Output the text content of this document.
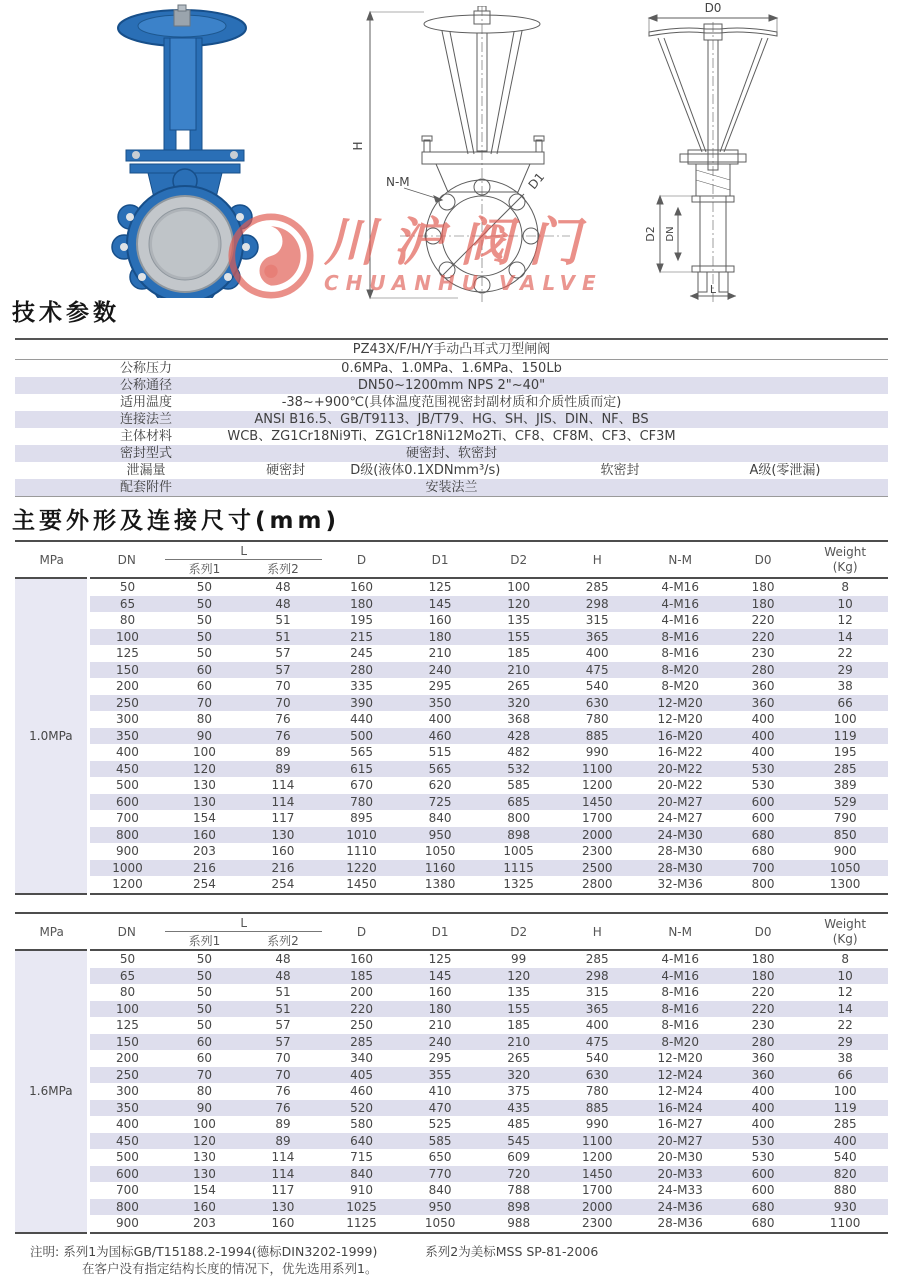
H
N-M	D1
D0
D2 DN
L
川沪阀门
CHUANHU VALVE
技术参数
PZ43X/F/H/Y手动凸耳式刀型闸阀
公称压力	0.6MPa、1.0MPa、1.6MPa、150Lb
公称通径	DN50~1200mm NPS 2"~40"
适用温度	-38~+900℃(具体温度范围视密封副材质和介质性质而定)
连接法兰	ANSI B16.5、GB/T9113、JB/T79、HG、SH、JIS、DIN、NF、BS
主体材料	WCB、ZG1Cr18Ni9Ti、ZG1Cr18Ni12Mo2Ti、CF8、CF8M、CF3、CF3M
密封型式	硬密封、软密封
泄漏量	硬密封	D级(液体0.1XDNmm³/s)	软密封	A级(零泄漏)
配套附件	安装法兰
主要外形及连接尺寸(mm)
MPa	DN	L		D	D1	D2	H	N-M	D0	Weight
(Kg)

		系列1	系列2							
1.0MPa	50	50	48	160	125	100	285	4-M16	180	8
	65	50	48	180	145	120	298	4-M16	180	10
	80	50	51	195	160	135	315	4-M16	220	12
	100	50	51	215	180	155	365	8-M16	220	14
	125	50	57	245	210	185	400	8-M16	230	22
	150	60	57	280	240	210	475	8-M20	280	29
	200	60	70	335	295	265	540	8-M20	360	38
	250	70	70	390	350	320	630	12-M20	360	66
	300	80	76	440	400	368	780	12-M20	400	100
	350	90	76	500	460	428	885	16-M20	400	119
	400	100	89	565	515	482	990	16-M22	400	195
	450	120	89	615	565	532	1100	20-M22	530	285
	500	130	114	670	620	585	1200	20-M22	530	389
	600	130	114	780	725	685	1450	20-M27	600	529
	700	154	117	895	840	800	1700	24-M27	600	790
	800	160	130	1010	950	898	2000	24-M30	680	850
	900	203	160	1110	1050	1005	2300	28-M30	680	900
	1000	216	216	1220	1160	1115	2500	28-M30	700	1050
	1200	254	254	1450	1380	1325	2800	32-M36	800	1300
MPa	DN	L		D	D1	D2	H	N-M	D0	Weight
(Kg)

		系列1	系列2							
1.6MPa	50	50	48	160	125	99	285	4-M16	180	8
	65	50	48	185	145	120	298	4-M16	180	10
	80	50	51	200	160	135	315	8-M16	220	12
	100	50	51	220	180	155	365	8-M16	220	14
	125	50	57	250	210	185	400	8-M16	230	22
	150	60	57	285	240	210	475	8-M20	280	29
	200	60	70	340	295	265	540	12-M20	360	38
	250	70	70	405	355	320	630	12-M24	360	66
	300	80	76	460	410	375	780	12-M24	400	100
	350	90	76	520	470	435	885	16-M24	400	119
	400	100	89	580	525	485	990	16-M27	400	285
	450	120	89	640	585	545	1100	20-M27	530	400
	500	130	114	715	650	609	1200	20-M30	530	540
	600	130	114	840	770	720	1450	20-M33	600	820
	700	154	117	910	840	788	1700	24-M33	600	880
	800	160	130	1025	950	898	2000	24-M36	680	930
	900	203	160	1125	1050	988	2300	28-M36	680	1100
注明: 系列1为国标GB/T15188.2-1994(德标DIN3202-1999)	系列2为美标MSS SP-81-2006
在客户没有指定结构长度的情况下，优先选用系列1。
